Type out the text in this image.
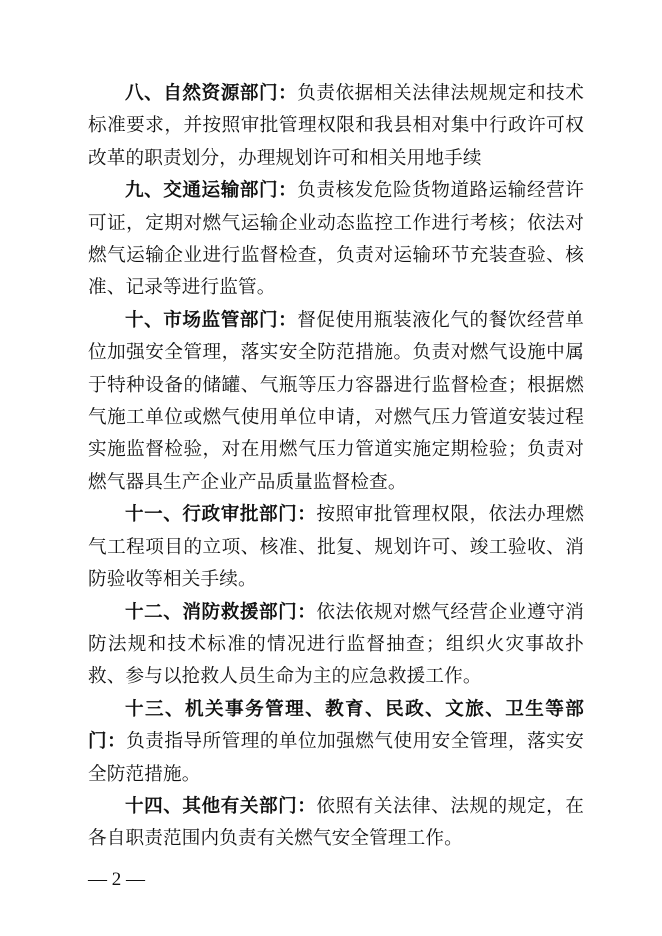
八、自然资源部门：负责依据相关法律法规规定和技术标准要求，并按照审批管理权限和我县相对集中行政许可权改革的职责划分，办理规划许可和相关用地手续

九、交通运输部门：负责核发危险货物道路运输经营许可证，定期对燃气运输企业动态监控工作进行考核；依法对燃气运输企业进行监督检查，负责对运输环节充装查验、核准、记录等进行监管。

十、市场监管部门：督促使用瓶装液化气的餐饮经营单位加强安全管理，落实安全防范措施。负责对燃气设施中属于特种设备的储罐、气瓶等压力容器进行监督检查；根据燃气施工单位或燃气使用单位申请，对燃气压力管道安装过程实施监督检验，对在用燃气压力管道实施定期检验；负责对燃气器具生产企业产品质量监督检查。

十一、行政审批部门：按照审批管理权限，依法办理燃气工程项目的立项、核准、批复、规划许可、竣工验收、消防验收等相关手续。

十二、消防救援部门：依法依规对燃气经营企业遵守消防法规和技术标准的情况进行监督抽查；组织火灾事故扑救、参与以抢救人员生命为主的应急救援工作。

十三、机关事务管理、教育、民政、文旅、卫生等部门：负责指导所管理的单位加强燃气使用安全管理，落实安全防范措施。

十四、其他有关部门：依照有关法律、法规的规定，在各自职责范围内负责有关燃气安全管理工作。

— 2 —
